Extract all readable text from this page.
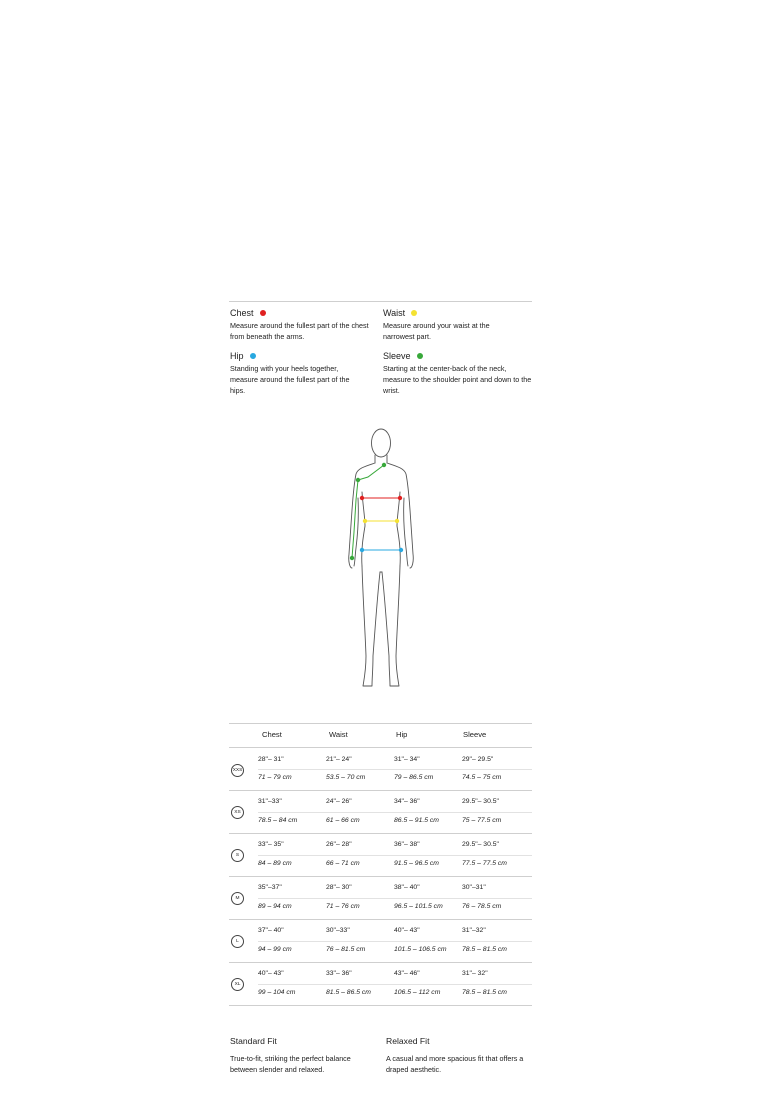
Chest
Measure around the fullest part of the chest from beneath the arms.
Waist
Measure around your waist at the narrowest part.
Hip
Standing with your heels together, measure around the fullest part of the hips.
Sleeve
Starting at the center-back of the neck, measure to the shoulder point and down to the wrist.
Chest	Waist	Hip	Sleeve
XXS
28"– 31"	21"– 24"	31"– 34"	29"– 29.5"
71 – 79 cm	53.5 – 70 cm	79 – 86.5 cm	74.5 – 75 cm
XS
31"–33"	24"– 26"	34"– 36"	29.5"– 30.5"
78.5 – 84 cm	61 – 66 cm	86.5 – 91.5 cm	75 – 77.5 cm
S
33"– 35"	26"– 28"	36"– 38"	29.5"– 30.5"
84 – 89 cm	66 – 71 cm	91.5 – 96.5 cm	77.5 – 77.5 cm
M
35"–37"	28"– 30"	38"– 40"	30"–31"
89 – 94 cm	71 – 76 cm	96.5 – 101.5 cm	76 – 78.5 cm
L
37"– 40"	30"–33"	40"– 43"	31"–32"
94 – 99 cm	76 – 81.5 cm	101.5 – 106.5 cm 78.5 – 81.5 cm
XL
40"– 43"	33"– 36"	43"– 46"	31"– 32"
99 – 104 cm	81.5 – 86.5 cm	106.5 – 112 cm	78.5 – 81.5 cm
Standard Fit
True-to-fit, striking the perfect balance between slender and relaxed.
Relaxed Fit
A casual and more spacious fit that offers a draped aesthetic.
